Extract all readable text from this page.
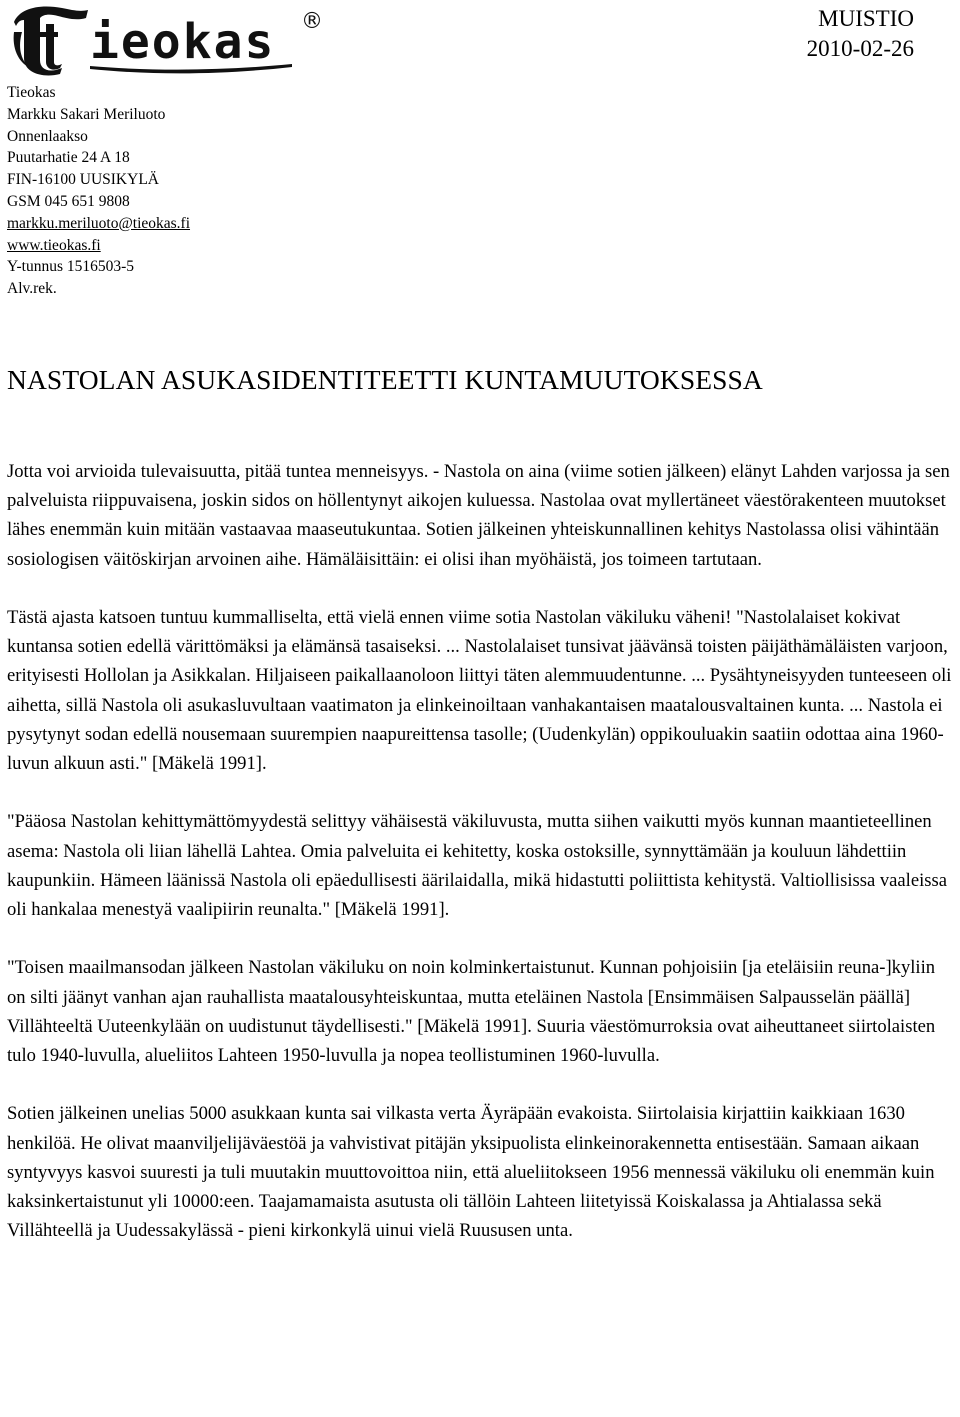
ieokas ®	MUISTIO
2010-02-26
Tieokas
Markku Sakari Meriluoto
Onnenlaakso
Puutarhatie 24 A 18
FIN-16100 UUSIKYLÄ
GSM 045 651 9808
markku.meriluoto@tieokas.fi
www.tieokas.fi
Y-tunnus 1516503-5
Alv.rek.
NASTOLAN ASUKASIDENTITEETTI KUNTAMUUTOKSESSA

Jotta voi arvioida tulevaisuutta, pitää tuntea menneisyys. - Nastola on aina (viime sotien jälkeen) elänyt Lahden varjossa ja sen palveluista riippuvaisena, joskin sidos on höllentynyt aikojen kuluessa. Nastolaa ovat myllertäneet väestörakenteen muutokset lähes enemmän kuin mitään vastaavaa maaseutukuntaa. Sotien jälkeinen yhteiskunnallinen kehitys Nastolassa olisi vähintään sosiologisen väitöskirjan arvoinen aihe. Hämäläisittäin: ei olisi ihan myöhäistä, jos toimeen tartutaan.

Tästä ajasta katsoen tuntuu kummalliselta, että vielä ennen viime sotia Nastolan väkiluku väheni! "Nastolalaiset kokivat kuntansa sotien edellä värittömäksi ja elämänsä tasaiseksi. ... Nastolalaiset tunsivat jäävänsä toisten päijäthämäläisten varjoon, erityisesti Hollolan ja Asikkalan. Hiljaiseen paikallaanoloon liittyi täten alemmuudentunne. ... Pysähtyneisyyden tunteeseen oli aihetta, sillä Nastola oli asukasluvultaan vaatimaton ja elinkeinoiltaan vanhakantaisen maatalousvaltainen kunta. ... Nastola ei pysytynyt sodan edellä nousemaan suurempien naapureittensa tasolle; (Uudenkylän) oppikouluakin saatiin odottaa aina 1960-luvun alkuun asti." [Mäkelä 1991].

"Pääosa Nastolan kehittymättömyydestä selittyy vähäisestä väkiluvusta, mutta siihen vaikutti myös kunnan maantieteellinen asema: Nastola oli liian lähellä Lahtea. Omia palveluita ei kehitetty, koska ostoksille, synnyttämään ja kouluun lähdettiin kaupunkiin. Hämeen läänissä Nastola oli epäedullisesti äärilaidalla, mikä hidastutti poliittista kehitystä. Valtiollisissa vaaleissa oli hankalaa menestyä vaalipiirin reunalta." [Mäkelä 1991].

"Toisen maailmansodan jälkeen Nastolan väkiluku on noin kolminkertaistunut. Kunnan pohjoisiin [ja eteläisiin reuna-]kyliin on silti jäänyt vanhan ajan rauhallista maatalousyhteiskuntaa, mutta eteläinen Nastola [Ensimmäisen Salpausselän päällä] Villähteeltä Uuteenkylään on uudistunut täydellisesti." [Mäkelä 1991]. Suuria väestömurroksia ovat aiheuttaneet siirtolaisten tulo 1940-luvulla, alueliitos Lahteen 1950-luvulla ja nopea teollistuminen 1960-luvulla.

Sotien jälkeinen unelias 5000 asukkaan kunta sai vilkasta verta Äyräpään evakoista. Siirtolaisia kirjattiin kaikkiaan 1630 henkilöä. He olivat maanviljelijäväestöä ja vahvistivat pitäjän yksipuolista elinkeinorakennetta entisestään. Samaan aikaan syntyvyys kasvoi suuresti ja tuli muutakin muuttovoittoa niin, että alueliitokseen 1956 mennessä väkiluku oli enemmän kuin kaksinkertaistunut yli 10000:een. Taajamamaista asutusta oli tällöin Lahteen liitetyissä Koiskalassa ja Ahtialassa sekä Villähteellä ja Uudessakylässä - pieni kirkonkylä uinui vielä Ruususen unta.
